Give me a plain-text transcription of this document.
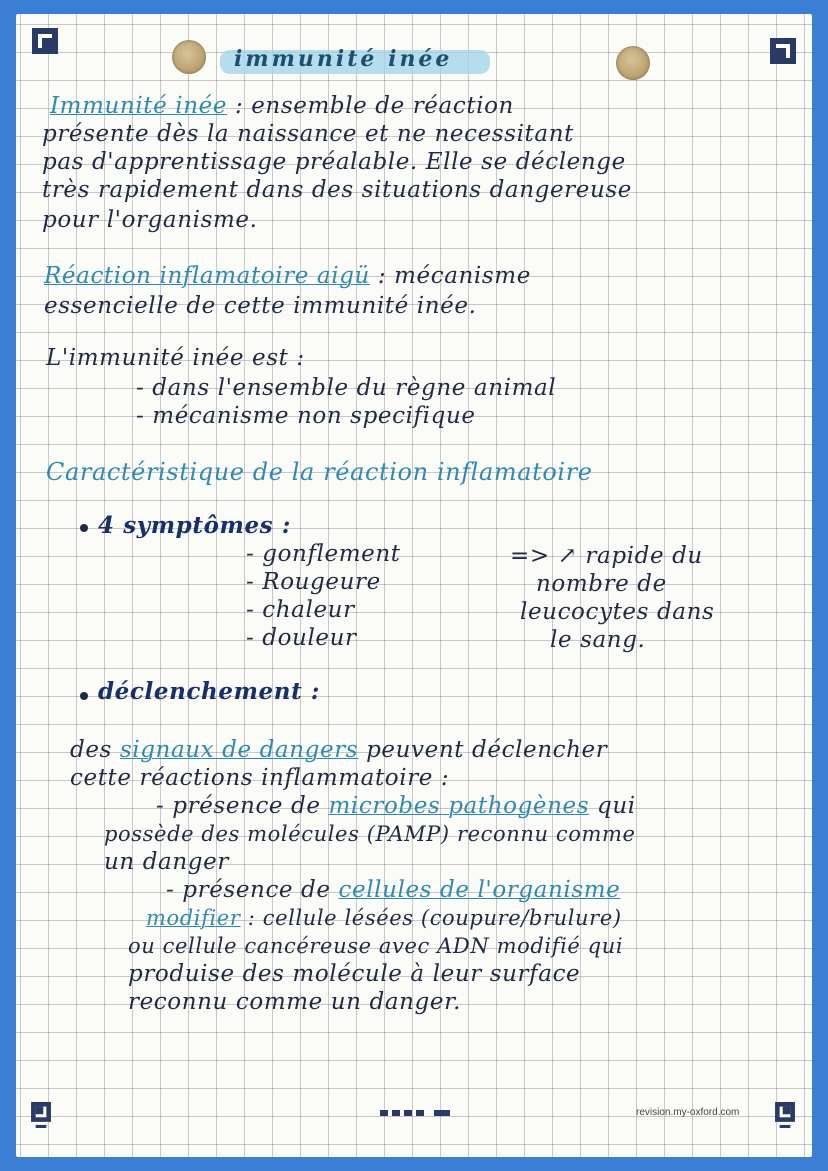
immunité inée
Immunité inée : ensemble de réaction
présente dès la naissance et ne necessitant
pas d'apprentissage préalable. Elle se déclenge
très rapidement dans des situations dangereuse
pour l'organisme.
Réaction inflamatoire aigü : mécanisme
essencielle de cette immunité inée.
L'immunité inée est :
- dans l'ensemble du règne animal
- mécanisme non specifique
Caractéristique de la réaction inflamatoire
4 symptômes :
- gonflement
- Rougeure
- chaleur
- douleur
=> ↗ rapide du
nombre de
leucocytes dans
le sang.
déclenchement :
des signaux de dangers peuvent déclencher
cette réactions inflammatoire :
- présence de microbes pathogènes qui
possède des molécules (PAMP) reconnu comme
un danger
- présence de cellules de l'organisme
modifier : cellule lésées (coupure/brulure)
ou cellule cancéreuse avec ADN modifié qui
produise des molécule à leur surface
reconnu comme un danger.
revision.my-oxford.com
